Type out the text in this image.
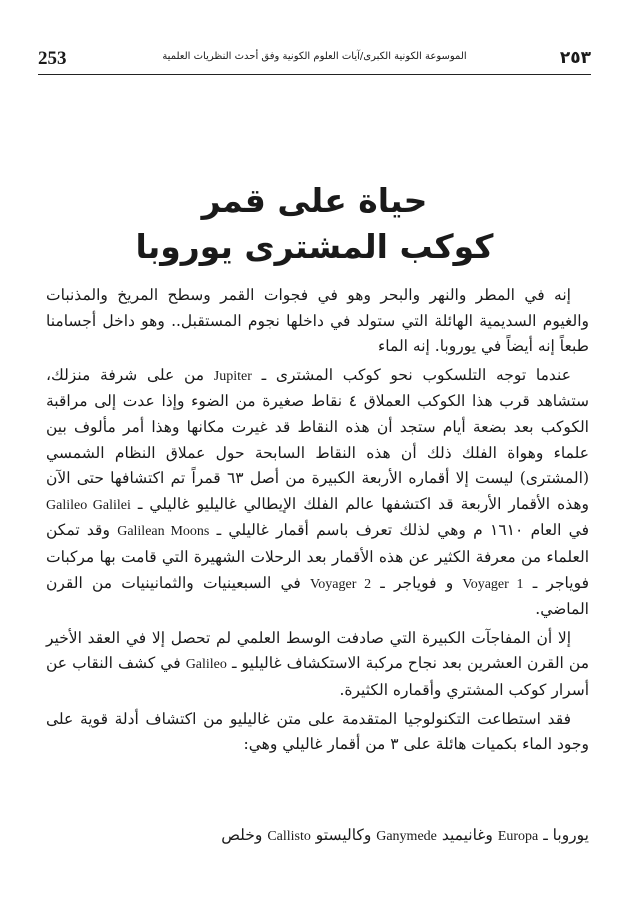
253	الموسوعة الكونية الكبرى/آيات العلوم الكونية وفق أحدث النظريات العلمية	٢٥٣
حياة على قمر
كوكب المشترى يوروبا

إنه في المطر والنهر والبحر وهو في فجوات القمر وسطح المريخ والمذنبات والغيوم السديمية الهائلة التي ستولد في داخلها نجوم المستقبل.. وهو داخل أجسامنا طبعاً إنه أيضاً في يوروبا. إنه الماء

عندما توجه التلسكوب نحو كوكب المشترى ـ Jupiter من على شرفة منزلك، ستشاهد قرب هذا الكوكب العملاق ٤ نقاط صغيرة من الضوء وإذا عدت إلى مراقبة الكوكب بعد بضعة أيام ستجد أن هذه النقاط قد غيرت مكانها وهذا أمر مألوف بين علماء وهواة الفلك ذلك أن هذه النقاط السابحة حول عملاق النظام الشمسي (المشترى) ليست إلا أقماره الأربعة الكبيرة من أصل ٦٣ قمراً تم اكتشافها حتى الآن وهذه الأقمار الأربعة قد اكتشفها عالم الفلك الإيطالي غاليليو غاليلي ـ Galileo Galilei في العام ١٦١٠ م وهي لذلك تعرف باسم أقمار غاليلي ـ Galilean Moons وقد تمكن العلماء من معرفة الكثير عن هذه الأقمار بعد الرحلات الشهيرة التي قامت بها مركبات فوياجر ـ Voyager 1 و فوياجر ـ Voyager 2 في السبعينيات والثمانينيات من القرن الماضي.

إلا أن المفاجآت الكبيرة التي صادفت الوسط العلمي لم تحصل إلا في العقد الأخير من القرن العشرين بعد نجاح مركبة الاستكشاف غاليليو ـ Galileo في كشف النقاب عن أسرار كوكب المشتري وأقماره الكثيرة.

فقد استطاعت التكنولوجيا المتقدمة على متن غاليليو من اكتشاف أدلة قوية على وجود الماء بكميات هائلة على ٣ من أقمار غاليلي وهي:

يوروبا ـ Europa وغانيميد Ganymede وكاليستو Callisto وخلص
